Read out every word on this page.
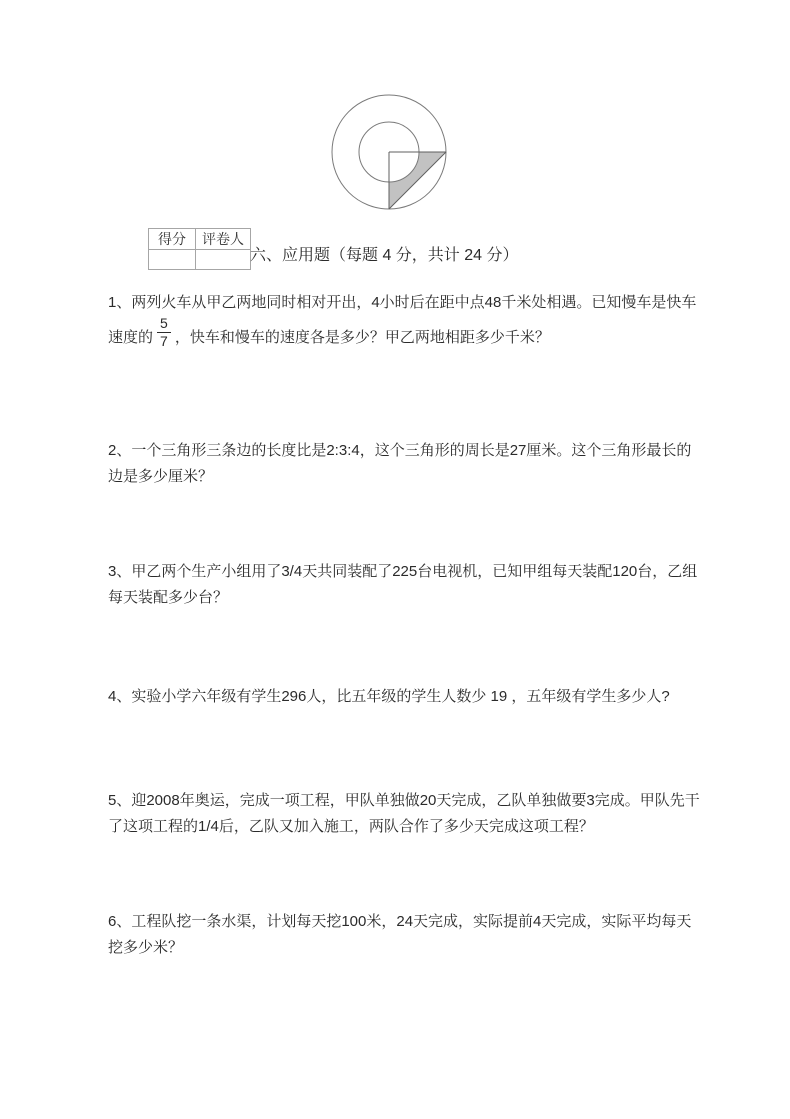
得分	评卷人

六、应用题（每题 4 分，共计 24 分）
1、两列火车从甲乙两地同时相对开出，4小时后在距中点48千米处相遇。已知慢车是快车
速度的 $\frac{5}{7}$ ，快车和慢车的速度各是多少？甲乙两地相距多少千米？
2、一个三角形三条边的长度比是2:3:4，这个三角形的周长是27厘米。这个三角形最长的
边是多少厘米？
3、甲乙两个生产小组用了3/4天共同装配了225台电视机，已知甲组每天装配120台，乙组
每天装配多少台？
4、实验小学六年级有学生296人，比五年级的学生人数少 19 ，五年级有学生多少人?
5、迎2008年奥运，完成一项工程，甲队单独做20天完成，乙队单独做要3完成。甲队先干
了这项工程的1/4后，乙队又加入施工，两队合作了多少天完成这项工程？
6、工程队挖一条水渠，计划每天挖100米，24天完成，实际提前4天完成，实际平均每天
挖多少米？
